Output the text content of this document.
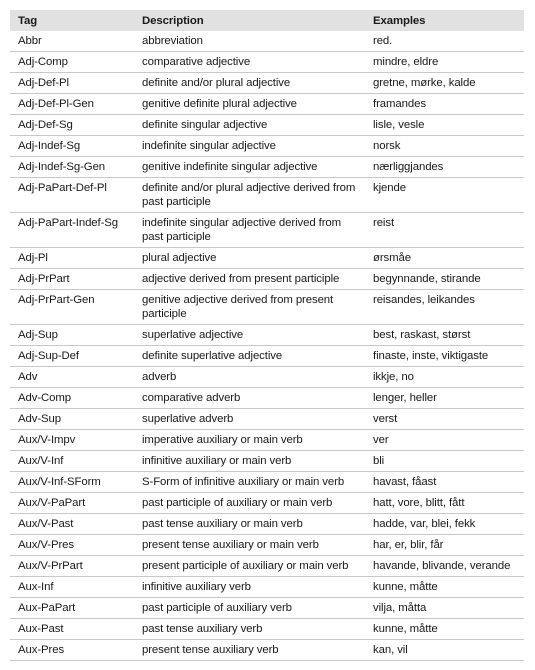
Tag	Description	Examples
Abbr	abbreviation	red.
Adj-Comp	comparative adjective	mindre, eldre
Adj-Def-Pl	definite and/or plural adjective	gretne, mørke, kalde
Adj-Def-Pl-Gen	genitive definite plural adjective	framandes
Adj-Def-Sg	definite singular adjective	lisle, vesle
Adj-Indef-Sg	indefinite singular adjective	norsk
Adj-Indef-Sg-Gen	genitive indefinite singular adjective	nærliggjandes
Adj-PaPart-Def-Pl	definite and/or plural adjective derived from past participle	kjende
Adj-PaPart-Indef-Sg	indefinite singular adjective derived from past participle	reist
Adj-Pl	plural adjective	ørsmåe
Adj-PrPart	adjective derived from present participle	begynnande, stirande
Adj-PrPart-Gen	genitive adjective derived from present participle	reisandes, leikandes
Adj-Sup	superlative adjective	best, raskast, størst
Adj-Sup-Def	definite superlative adjective	finaste, inste, viktigaste
Adv	adverb	ikkje, no
Adv-Comp	comparative adverb	lenger, heller
Adv-Sup	superlative adverb	verst
Aux/V-Impv	imperative auxiliary or main verb	ver
Aux/V-Inf	infinitive auxiliary or main verb	bli
Aux/V-Inf-SForm	S-Form of infinitive auxiliary or main verb	havast, fåast
Aux/V-PaPart	past participle of auxiliary or main verb	hatt, vore, blitt, fått
Aux/V-Past	past tense auxiliary or main verb	hadde, var, blei, fekk
Aux/V-Pres	present tense auxiliary or main verb	har, er, blir, får
Aux/V-PrPart	present participle of auxiliary or main verb	havande, blivande, verande
Aux-Inf	infinitive auxiliary verb	kunne, måtte
Aux-PaPart	past participle of auxiliary verb	vilja, måtta
Aux-Past	past tense auxiliary verb	kunne, måtte
Aux-Pres	present tense auxiliary verb	kan, vil
